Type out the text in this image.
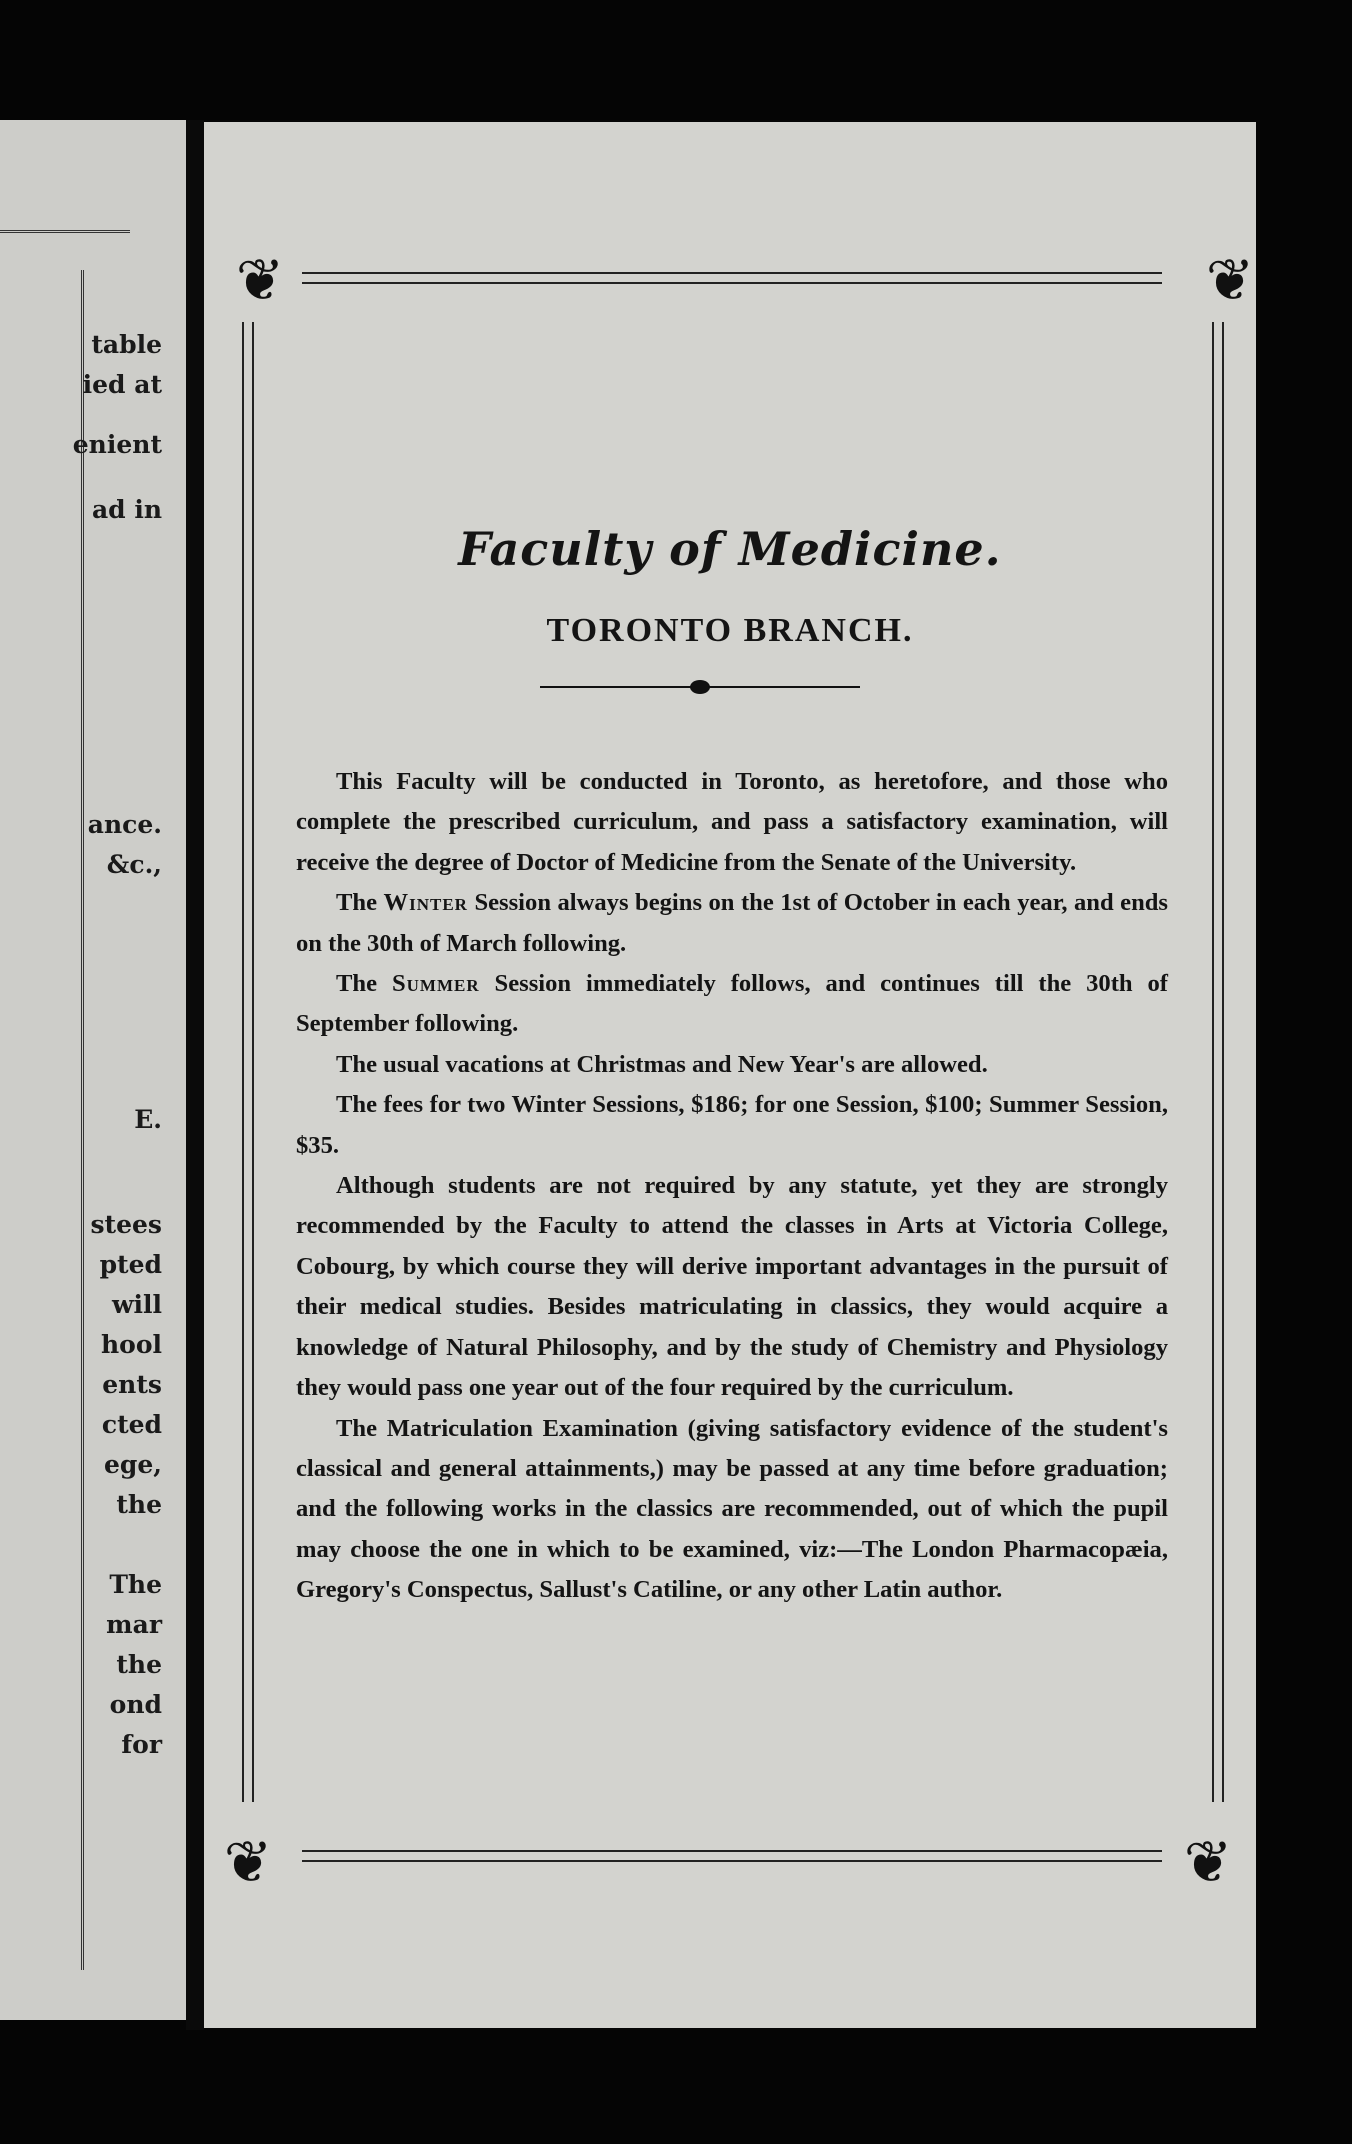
table
ied at
enient
ad in
ance.
&c.,
E.
stees
pted
will
hool
ents
cted
ege,
the
The
mar
the
ond
for
❦	❦
❦	❦
Faculty of Medicine.
TORONTO BRANCH.

This Faculty will be conducted in Toronto, as heretofore, and those who complete the prescribed curriculum, and pass a satisfactory examination, will receive the degree of Doctor of Medicine from the Senate of the University.

The Winter Session always begins on the 1st of October in each year, and ends on the 30th of March following.

The Summer Session immediately follows, and continues till the 30th of September following.

The usual vacations at Christmas and New Year's are allowed.

The fees for two Winter Sessions, $186; for one Session, $100; Summer Session, $35.

Although students are not required by any statute, yet they are strongly recommended by the Faculty to attend the classes in Arts at Victoria College, Cobourg, by which course they will derive important advantages in the pursuit of their medical studies. Besides matriculating in classics, they would acquire a knowledge of Natural Philosophy, and by the study of Chemistry and Physiology they would pass one year out of the four required by the curriculum.

The Matriculation Examination (giving satisfactory evidence of the student's classical and general attainments,) may be passed at any time before graduation; and the following works in the classics are recommended, out of which the pupil may choose the one in which to be examined, viz:—The London Pharmacopæia, Gregory's Conspectus, Sallust's Catiline, or any other Latin author.
